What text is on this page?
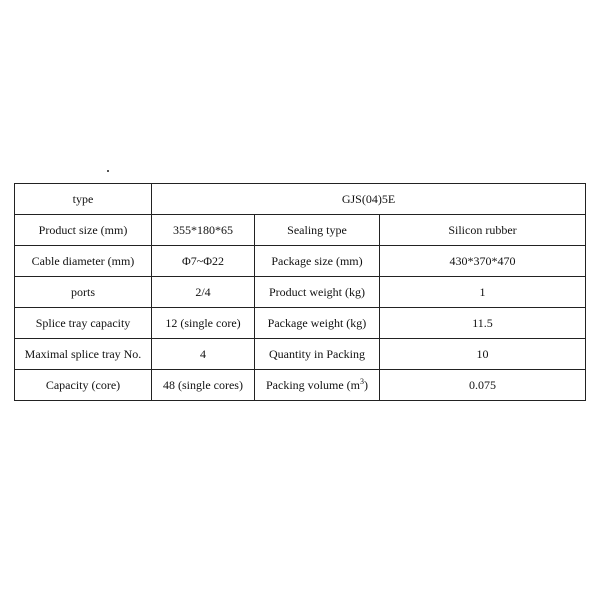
type	GJS(04)5E		
Product size (mm)	355*180*65	Sealing type	Silicon rubber
Cable diameter (mm)	Φ7~Φ22	Package size (mm)	430*370*470
ports	2/4	Product weight (kg)	1
Splice tray capacity	12 (single core)	Package weight (kg)	11.5
Maximal splice tray No.	4	Quantity in Packing	10
Capacity (core)	48 (single cores)	Packing volume $(m^3)$	0.075
